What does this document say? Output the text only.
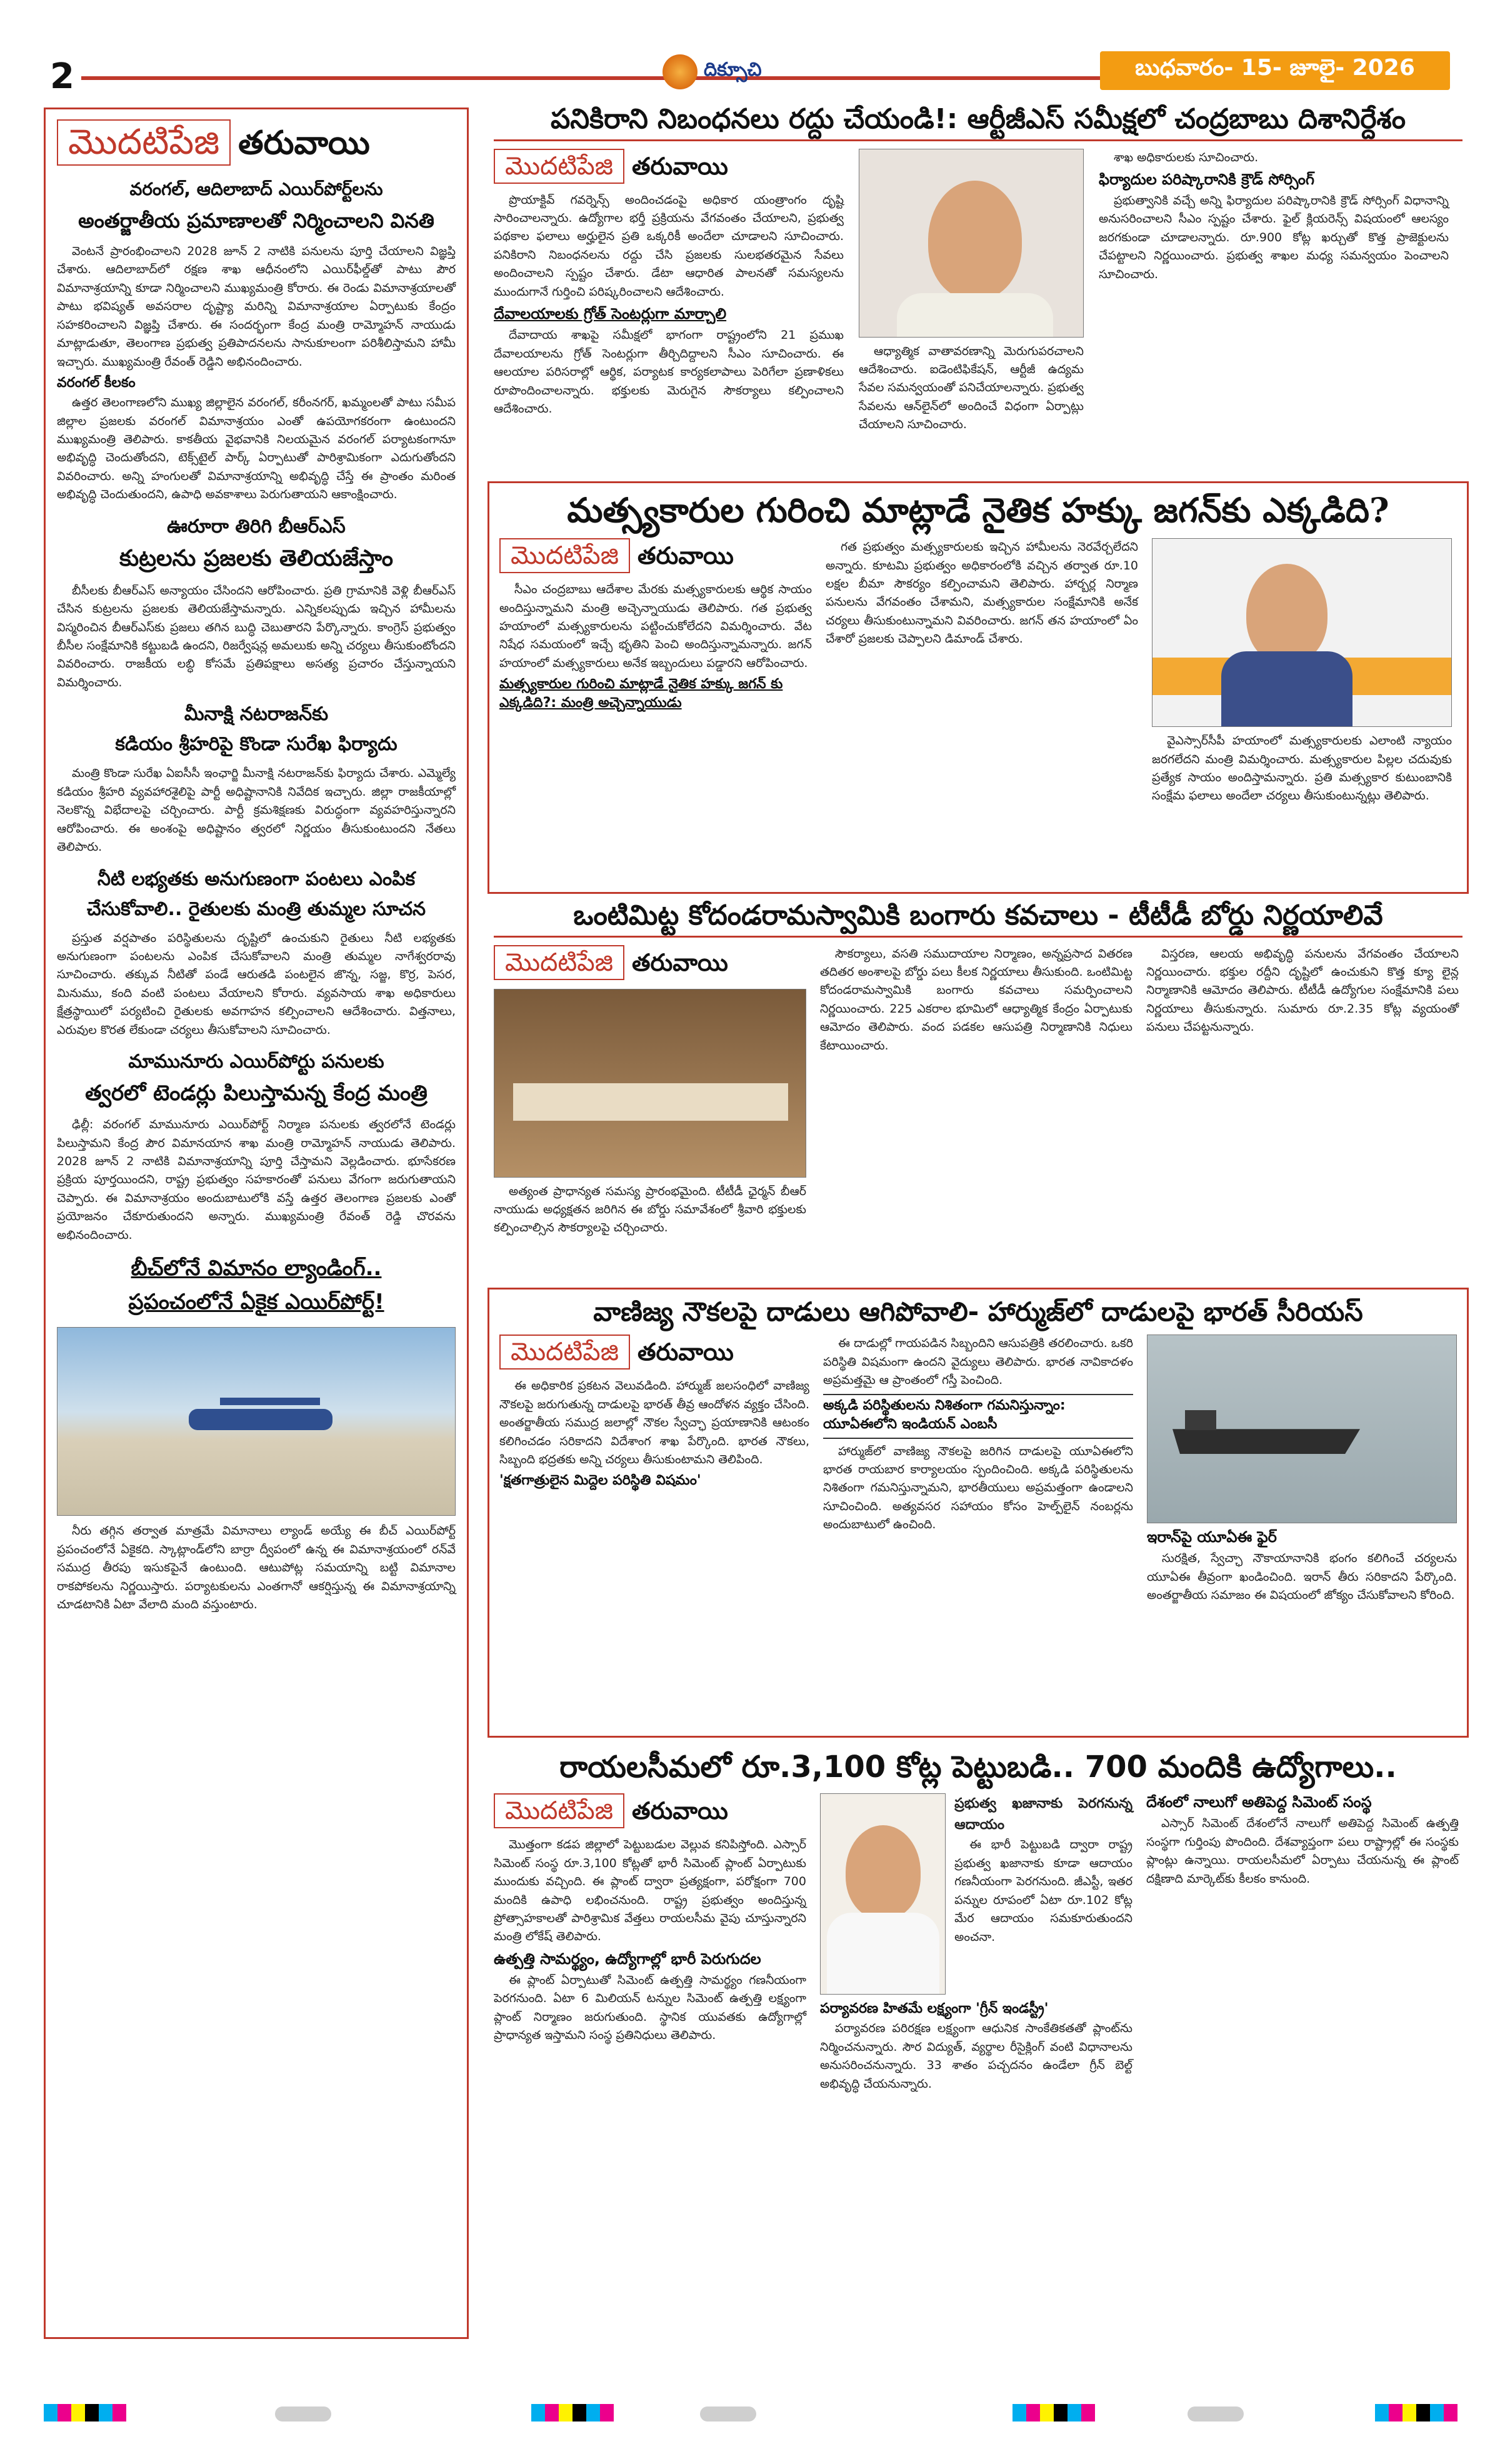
2	దిక్సూచి	బుధవారం- 15- జూలై- 2026
మొదటిపేజి తరువాయి
వరంగల్, ఆదిలాబాద్ ఎయిర్‌పోర్ట్‌లను
అంతర్జాతీయ ప్రమాణాలతో నిర్మించాలని వినతి

వెంటనే ప్రారంభించాలని 2028 జూన్ 2 నాటికి పనులను పూర్తి చేయాలని విజ్ఞప్తి చేశారు. ఆదిలాబాద్‌లో రక్షణ శాఖ ఆధీనంలోని ఎయిర్‌ఫీల్డ్‌తో పాటు పౌర విమానాశ్రయాన్ని కూడా నిర్మించాలని ముఖ్యమంత్రి కోరారు. ఈ రెండు విమానాశ్రయాలతో పాటు భవిష్యత్ అవసరాల దృష్ట్యా మరిన్ని విమానాశ్రయాల ఏర్పాటుకు కేంద్రం సహకరించాలని విజ్ఞప్తి చేశారు. ఈ సందర్భంగా కేంద్ర మంత్రి రామ్మోహన్ నాయుడు మాట్లాడుతూ, తెలంగాణ ప్రభుత్వ ప్రతిపాదనలను సానుకూలంగా పరిశీలిస్తామని హామీ ఇచ్చారు. ముఖ్యమంత్రి రేవంత్ రెడ్డిని అభినందించారు.

వరంగల్ కీలకం

ఉత్తర తెలంగాణలోని ముఖ్య జిల్లాలైన వరంగల్, కరీంనగర్, ఖమ్మంలతో పాటు సమీప జిల్లాల ప్రజలకు వరంగల్ విమానాశ్రయం ఎంతో ఉపయోగకరంగా ఉంటుందని ముఖ్యమంత్రి తెలిపారు. కాకతీయ వైభవానికి నిలయమైన వరంగల్ పర్యాటకంగానూ అభివృద్ధి చెందుతోందని, టెక్స్‌టైల్ పార్క్ ఏర్పాటుతో పారిశ్రామికంగా ఎదుగుతోందని వివరించారు. అన్ని హంగులతో విమానాశ్రయాన్ని అభివృద్ధి చేస్తే ఈ ప్రాంతం మరింత అభివృద్ధి చెందుతుందని, ఉపాధి అవకాశాలు పెరుగుతాయని ఆకాంక్షించారు.

ఊరూరా తిరిగి బీఆర్ఎస్
కుట్రలను ప్రజలకు తెలియజేస్తాం

బీసీలకు బీఆర్ఎస్ అన్యాయం చేసిందని ఆరోపించారు. ప్రతి గ్రామానికి వెళ్లి బీఆర్ఎస్ చేసిన కుట్రలను ప్రజలకు తెలియజేస్తామన్నారు. ఎన్నికలప్పుడు ఇచ్చిన హామీలను విస్మరించిన బీఆర్ఎస్‌కు ప్రజలు తగిన బుద్ధి చెబుతారని పేర్కొన్నారు. కాంగ్రెస్ ప్రభుత్వం బీసీల సంక్షేమానికి కట్టుబడి ఉందని, రిజర్వేషన్ల అమలుకు అన్ని చర్యలు తీసుకుంటోందని వివరించారు. రాజకీయ లబ్ధి కోసమే ప్రతిపక్షాలు అసత్య ప్రచారం చేస్తున్నాయని విమర్శించారు.

మీనాక్షి నటరాజన్‌కు
కడియం శ్రీహరిపై కొండా సురేఖ ఫిర్యాదు

మంత్రి కొండా సురేఖ ఏఐసీసీ ఇంఛార్జి మీనాక్షి నటరాజన్‌కు ఫిర్యాదు చేశారు. ఎమ్మెల్యే కడియం శ్రీహరి వ్యవహారశైలిపై పార్టీ అధిష్టానానికి నివేదిక ఇచ్చారు. జిల్లా రాజకీయాల్లో నెలకొన్న విభేదాలపై చర్చించారు. పార్టీ క్రమశిక్షణకు విరుద్ధంగా వ్యవహరిస్తున్నారని ఆరోపించారు. ఈ అంశంపై అధిష్టానం త్వరలో నిర్ణయం తీసుకుంటుందని నేతలు తెలిపారు.

నీటి లభ్యతకు అనుగుణంగా పంటలు ఎంపిక
చేసుకోవాలి.. రైతులకు మంత్రి తుమ్మల సూచన

ప్రస్తుత వర్షపాతం పరిస్థితులను దృష్టిలో ఉంచుకుని రైతులు నీటి లభ్యతకు అనుగుణంగా పంటలను ఎంపిక చేసుకోవాలని మంత్రి తుమ్మల నాగేశ్వరరావు సూచించారు. తక్కువ నీటితో పండే ఆరుతడి పంటలైన జొన్న, సజ్జ, కొర్ర, పెసర, మినుము, కంది వంటి పంటలు వేయాలని కోరారు. వ్యవసాయ శాఖ అధికారులు క్షేత్రస్థాయిలో పర్యటించి రైతులకు అవగాహన కల్పించాలని ఆదేశించారు. విత్తనాలు, ఎరువుల కొరత లేకుండా చర్యలు తీసుకోవాలని సూచించారు.

మామునూరు ఎయిర్‌పోర్టు పనులకు
త్వరలో టెండర్లు పిలుస్తామన్న కేంద్ర మంత్రి

ఢిల్లీ: వరంగల్ మామునూరు ఎయిర్‌పోర్ట్ నిర్మాణ పనులకు త్వరలోనే టెండర్లు పిలుస్తామని కేంద్ర పౌర విమానయాన శాఖ మంత్రి రామ్మోహన్ నాయుడు తెలిపారు. 2028 జూన్ 2 నాటికి విమానాశ్రయాన్ని పూర్తి చేస్తామని వెల్లడించారు. భూసేకరణ ప్రక్రియ పూర్తయిందని, రాష్ట్ర ప్రభుత్వం సహకారంతో పనులు వేగంగా జరుగుతాయని చెప్పారు. ఈ విమానాశ్రయం అందుబాటులోకి వస్తే ఉత్తర తెలంగాణ ప్రజలకు ఎంతో ప్రయోజనం చేకూరుతుందని అన్నారు. ముఖ్యమంత్రి రేవంత్ రెడ్డి చొరవను అభినందించారు.

బీచ్‌లోనే విమానం ల్యాండింగ్..
ప్రపంచంలోనే ఏకైక ఎయిర్‌పోర్ట్!

నీరు తగ్గిన తర్వాత మాత్రమే విమానాలు ల్యాండ్ అయ్యే ఈ బీచ్ ఎయిర్‌పోర్ట్ ప్రపంచంలోనే ఏకైకది. స్కాట్లాండ్‌లోని బార్రా ద్వీపంలో ఉన్న ఈ విమానాశ్రయంలో రన్‌వే సముద్ర తీరపు ఇసుకపైనే ఉంటుంది. ఆటుపోట్ల సమయాన్ని బట్టి విమానాల రాకపోకలను నిర్ణయిస్తారు. పర్యాటకులను ఎంతగానో ఆకర్షిస్తున్న ఈ విమానాశ్రయాన్ని చూడటానికి ఏటా వేలాది మంది వస్తుంటారు.

పనికిరాని నిబంధనలు రద్దు చేయండి!: ఆర్టీజీఎస్ సమీక్షలో చంద్రబాబు దిశానిర్దేశం
మొదటిపేజి తరువాయి

ప్రొయాక్టివ్ గవర్నెన్స్ అందించడంపై అధికార యంత్రాంగం దృష్టి సారించాలన్నారు. ఉద్యోగాల భర్తీ ప్రక్రియను వేగవంతం చేయాలని, ప్రభుత్వ పథకాల ఫలాలు అర్హులైన ప్రతి ఒక్కరికీ అందేలా చూడాలని సూచించారు. పనికిరాని నిబంధనలను రద్దు చేసి ప్రజలకు సులభతరమైన సేవలు అందించాలని స్పష్టం చేశారు. డేటా ఆధారిత పాలనతో సమస్యలను ముందుగానే గుర్తించి పరిష్కరించాలని ఆదేశించారు.

దేవాలయాలకు గ్రోత్ సెంటర్లుగా మార్చాలి

దేవాదాయ శాఖపై సమీక్షలో భాగంగా రాష్ట్రంలోని 21 ప్రముఖ దేవాలయాలను గ్రోత్ సెంటర్లుగా తీర్చిదిద్దాలని సీఎం సూచించారు. ఈ ఆలయాల పరిసరాల్లో ఆర్థిక, పర్యాటక కార్యకలాపాలు పెరిగేలా ప్రణాళికలు రూపొందించాలన్నారు. భక్తులకు మెరుగైన సౌకర్యాలు కల్పించాలని ఆదేశించారు.

ఆధ్యాత్మిక వాతావరణాన్ని మెరుగుపరచాలని ఆదేశించారు. ఐడెంటిఫికేషన్, ఆర్టీజీ ఉద్యమ సేవల సమన్వయంతో పనిచేయాలన్నారు. ప్రభుత్వ సేవలను ఆన్‌లైన్‌లో అందించే విధంగా ఏర్పాట్లు చేయాలని సూచించారు.

శాఖ అధికారులకు సూచించారు.

ఫిర్యాదుల పరిష్కారానికి క్రౌడ్ సోర్సింగ్

ప్రభుత్వానికి వచ్చే అన్ని ఫిర్యాదుల పరిష్కారానికి క్రౌడ్ సోర్సింగ్ విధానాన్ని అనుసరించాలని సీఎం స్పష్టం చేశారు. ఫైల్ క్లియరెన్స్ విషయంలో ఆలస్యం జరగకుండా చూడాలన్నారు. రూ.900 కోట్ల ఖర్చుతో కొత్త ప్రాజెక్టులను చేపట్టాలని నిర్ణయించారు. ప్రభుత్వ శాఖల మధ్య సమన్వయం పెంచాలని సూచించారు.

మత్స్యకారుల గురించి మాట్లాడే నైతిక హక్కు జగన్‌కు ఎక్కడిది?
మొదటిపేజి తరువాయి

సీఎం చంద్రబాబు ఆదేశాల మేరకు మత్స్యకారులకు ఆర్థిక సాయం అందిస్తున్నామని మంత్రి అచ్చెన్నాయుడు తెలిపారు. గత ప్రభుత్వ హయాంలో మత్స్యకారులను పట్టించుకోలేదని విమర్శించారు. వేట నిషేధ సమయంలో ఇచ్చే భృతిని పెంచి అందిస్తున్నామన్నారు. జగన్ హయాంలో మత్స్యకారులు అనేక ఇబ్బందులు పడ్డారని ఆరోపించారు.

మత్స్యకారుల గురించి మాట్లాడే నైతిక హక్కు జగన్ కు ఎక్కడిది?: మంత్రి అచ్చెన్నాయుడు

గత ప్రభుత్వం మత్స్యకారులకు ఇచ్చిన హామీలను నెరవేర్చలేదని అన్నారు. కూటమి ప్రభుత్వం అధికారంలోకి వచ్చిన తర్వాత రూ.10 లక్షల బీమా సౌకర్యం కల్పించామని తెలిపారు. హార్బర్ల నిర్మాణ పనులను వేగవంతం చేశామని, మత్స్యకారుల సంక్షేమానికి అనేక చర్యలు తీసుకుంటున్నామని వివరించారు. జగన్ తన హయాంలో ఏం చేశారో ప్రజలకు చెప్పాలని డిమాండ్ చేశారు.

వైఎస్సార్‌సీపీ హయాంలో మత్స్యకారులకు ఎలాంటి న్యాయం జరగలేదని మంత్రి విమర్శించారు. మత్స్యకారుల పిల్లల చదువుకు ప్రత్యేక సాయం అందిస్తామన్నారు. ప్రతి మత్స్యకార కుటుంబానికి సంక్షేమ ఫలాలు అందేలా చర్యలు తీసుకుంటున్నట్లు తెలిపారు.

ఒంటిమిట్ట కోదండరామస్వామికి బంగారు కవచాలు - టీటీడీ బోర్డు నిర్ణయాలివే
మొదటిపేజి తరువాయి

అత్యంత ప్రాధాన్యత సమస్య ప్రారంభమైంది. టీటీడీ ఛైర్మన్ బీఆర్ నాయుడు అధ్యక్షతన జరిగిన ఈ బోర్డు సమావేశంలో శ్రీవారి భక్తులకు కల్పించాల్సిన సౌకర్యాలపై చర్చించారు.

సౌకర్యాలు, వసతి సముదాయాల నిర్మాణం, అన్నప్రసాద వితరణ తదితర అంశాలపై బోర్డు పలు కీలక నిర్ణయాలు తీసుకుంది. ఒంటిమిట్ట కోదండరామస్వామికి బంగారు కవచాలు సమర్పించాలని నిర్ణయించారు. 225 ఎకరాల భూమిలో ఆధ్యాత్మిక కేంద్రం ఏర్పాటుకు ఆమోదం తెలిపారు. వంద పడకల ఆసుపత్రి నిర్మాణానికి నిధులు కేటాయించారు.

విస్తరణ, ఆలయ అభివృద్ధి పనులను వేగవంతం చేయాలని నిర్ణయించారు. భక్తుల రద్దీని దృష్టిలో ఉంచుకుని కొత్త క్యూ లైన్ల నిర్మాణానికి ఆమోదం తెలిపారు. టీటీడీ ఉద్యోగుల సంక్షేమానికి పలు నిర్ణయాలు తీసుకున్నారు. సుమారు రూ.2.35 కోట్ల వ్యయంతో పనులు చేపట్టనున్నారు.

వాణిజ్య నౌకలపై దాడులు ఆగిపోవాలి- హార్ముజ్‌లో దాడులపై భారత్ సీరియస్
మొదటిపేజి తరువాయి

ఈ అధికారిక ప్రకటన వెలువడింది. హార్ముజ్ జలసంధిలో వాణిజ్య నౌకలపై జరుగుతున్న దాడులపై భారత్ తీవ్ర ఆందోళన వ్యక్తం చేసింది. అంతర్జాతీయ సముద్ర జలాల్లో నౌకల స్వేచ్ఛా ప్రయాణానికి ఆటంకం కలిగించడం సరికాదని విదేశాంగ శాఖ పేర్కొంది. భారత నౌకలు, సిబ్బంది భద్రతకు అన్ని చర్యలు తీసుకుంటామని తెలిపింది.

'క్షతగాత్రులైన మిద్దెల పరిస్థితి విషమం'

ఈ దాడుల్లో గాయపడిన సిబ్బందిని ఆసుపత్రికి తరలించారు. ఒకరి పరిస్థితి విషమంగా ఉందని వైద్యులు తెలిపారు. భారత నావికాదళం అప్రమత్తమై ఆ ప్రాంతంలో గస్తీ పెంచింది.

అక్కడి పరిస్థితులను నిశితంగా గమనిస్తున్నాం: యూఏఈలోని ఇండియన్ ఎంబసీ

హార్ముజ్‌లో వాణిజ్య నౌకలపై జరిగిన దాడులపై యూఏఈలోని భారత రాయబార కార్యాలయం స్పందించింది. అక్కడి పరిస్థితులను నిశితంగా గమనిస్తున్నామని, భారతీయులు అప్రమత్తంగా ఉండాలని సూచించింది. అత్యవసర సహాయం కోసం హెల్ప్‌లైన్ నంబర్లను అందుబాటులో ఉంచింది.

ఇరాన్‌పై యూఏఈ ఫైర్

సురక్షిత, స్వేచ్ఛా నౌకాయానానికి భంగం కలిగించే చర్యలను యూఏఈ తీవ్రంగా ఖండించింది. ఇరాన్ తీరు సరికాదని పేర్కొంది. అంతర్జాతీయ సమాజం ఈ విషయంలో జోక్యం చేసుకోవాలని కోరింది.

రాయలసీమలో రూ.3,100 కోట్ల పెట్టుబడి.. 700 మందికి ఉద్యోగాలు..
మొదటిపేజి తరువాయి

మొత్తంగా కడప జిల్లాలో పెట్టుబడుల వెల్లువ కనిపిస్తోంది. ఎస్సార్ సిమెంట్ సంస్థ రూ.3,100 కోట్లతో భారీ సిమెంట్ ప్లాంట్ ఏర్పాటుకు ముందుకు వచ్చింది. ఈ ప్లాంట్ ద్వారా ప్రత్యక్షంగా, పరోక్షంగా 700 మందికి ఉపాధి లభించనుంది. రాష్ట్ర ప్రభుత్వం అందిస్తున్న ప్రోత్సాహకాలతో పారిశ్రామిక వేత్తలు రాయలసీమ వైపు చూస్తున్నారని మంత్రి లోకేష్ తెలిపారు.

ఉత్పత్తి సామర్థ్యం, ఉద్యోగాల్లో భారీ పెరుగుదల

ఈ ప్లాంట్ ఏర్పాటుతో సిమెంట్ ఉత్పత్తి సామర్థ్యం గణనీయంగా పెరగనుంది. ఏటా 6 మిలియన్ టన్నుల సిమెంట్ ఉత్పత్తి లక్ష్యంగా ప్లాంట్ నిర్మాణం జరుగుతుంది. స్థానిక యువతకు ఉద్యోగాల్లో ప్రాధాన్యత ఇస్తామని సంస్థ ప్రతినిధులు తెలిపారు.

ప్రభుత్వ ఖజానాకు పెరగనున్న ఆదాయం

ఈ భారీ పెట్టుబడి ద్వారా రాష్ట్ర ప్రభుత్వ ఖజానాకు కూడా ఆదాయం గణనీయంగా పెరగనుంది. జీఎస్టీ, ఇతర పన్నుల రూపంలో ఏటా రూ.102 కోట్ల మేర ఆదాయం సమకూరుతుందని అంచనా.

పర్యావరణ హితమే లక్ష్యంగా 'గ్రీన్ ఇండస్ట్రీ'

పర్యావరణ పరిరక్షణ లక్ష్యంగా ఆధునిక సాంకేతికతతో ప్లాంట్‌ను నిర్మించనున్నారు. సౌర విద్యుత్, వ్యర్థాల రీసైక్లింగ్ వంటి విధానాలను అనుసరించనున్నారు. 33 శాతం పచ్చదనం ఉండేలా గ్రీన్ బెల్ట్ అభివృద్ధి చేయనున్నారు.

దేశంలో నాలుగో అతిపెద్ద సిమెంట్ సంస్థ

ఎస్సార్ సిమెంట్ దేశంలోనే నాలుగో అతిపెద్ద సిమెంట్ ఉత్పత్తి సంస్థగా గుర్తింపు పొందింది. దేశవ్యాప్తంగా పలు రాష్ట్రాల్లో ఈ సంస్థకు ప్లాంట్లు ఉన్నాయి. రాయలసీమలో ఏర్పాటు చేయనున్న ఈ ప్లాంట్ దక్షిణాది మార్కెట్‌కు కీలకం కానుంది.
